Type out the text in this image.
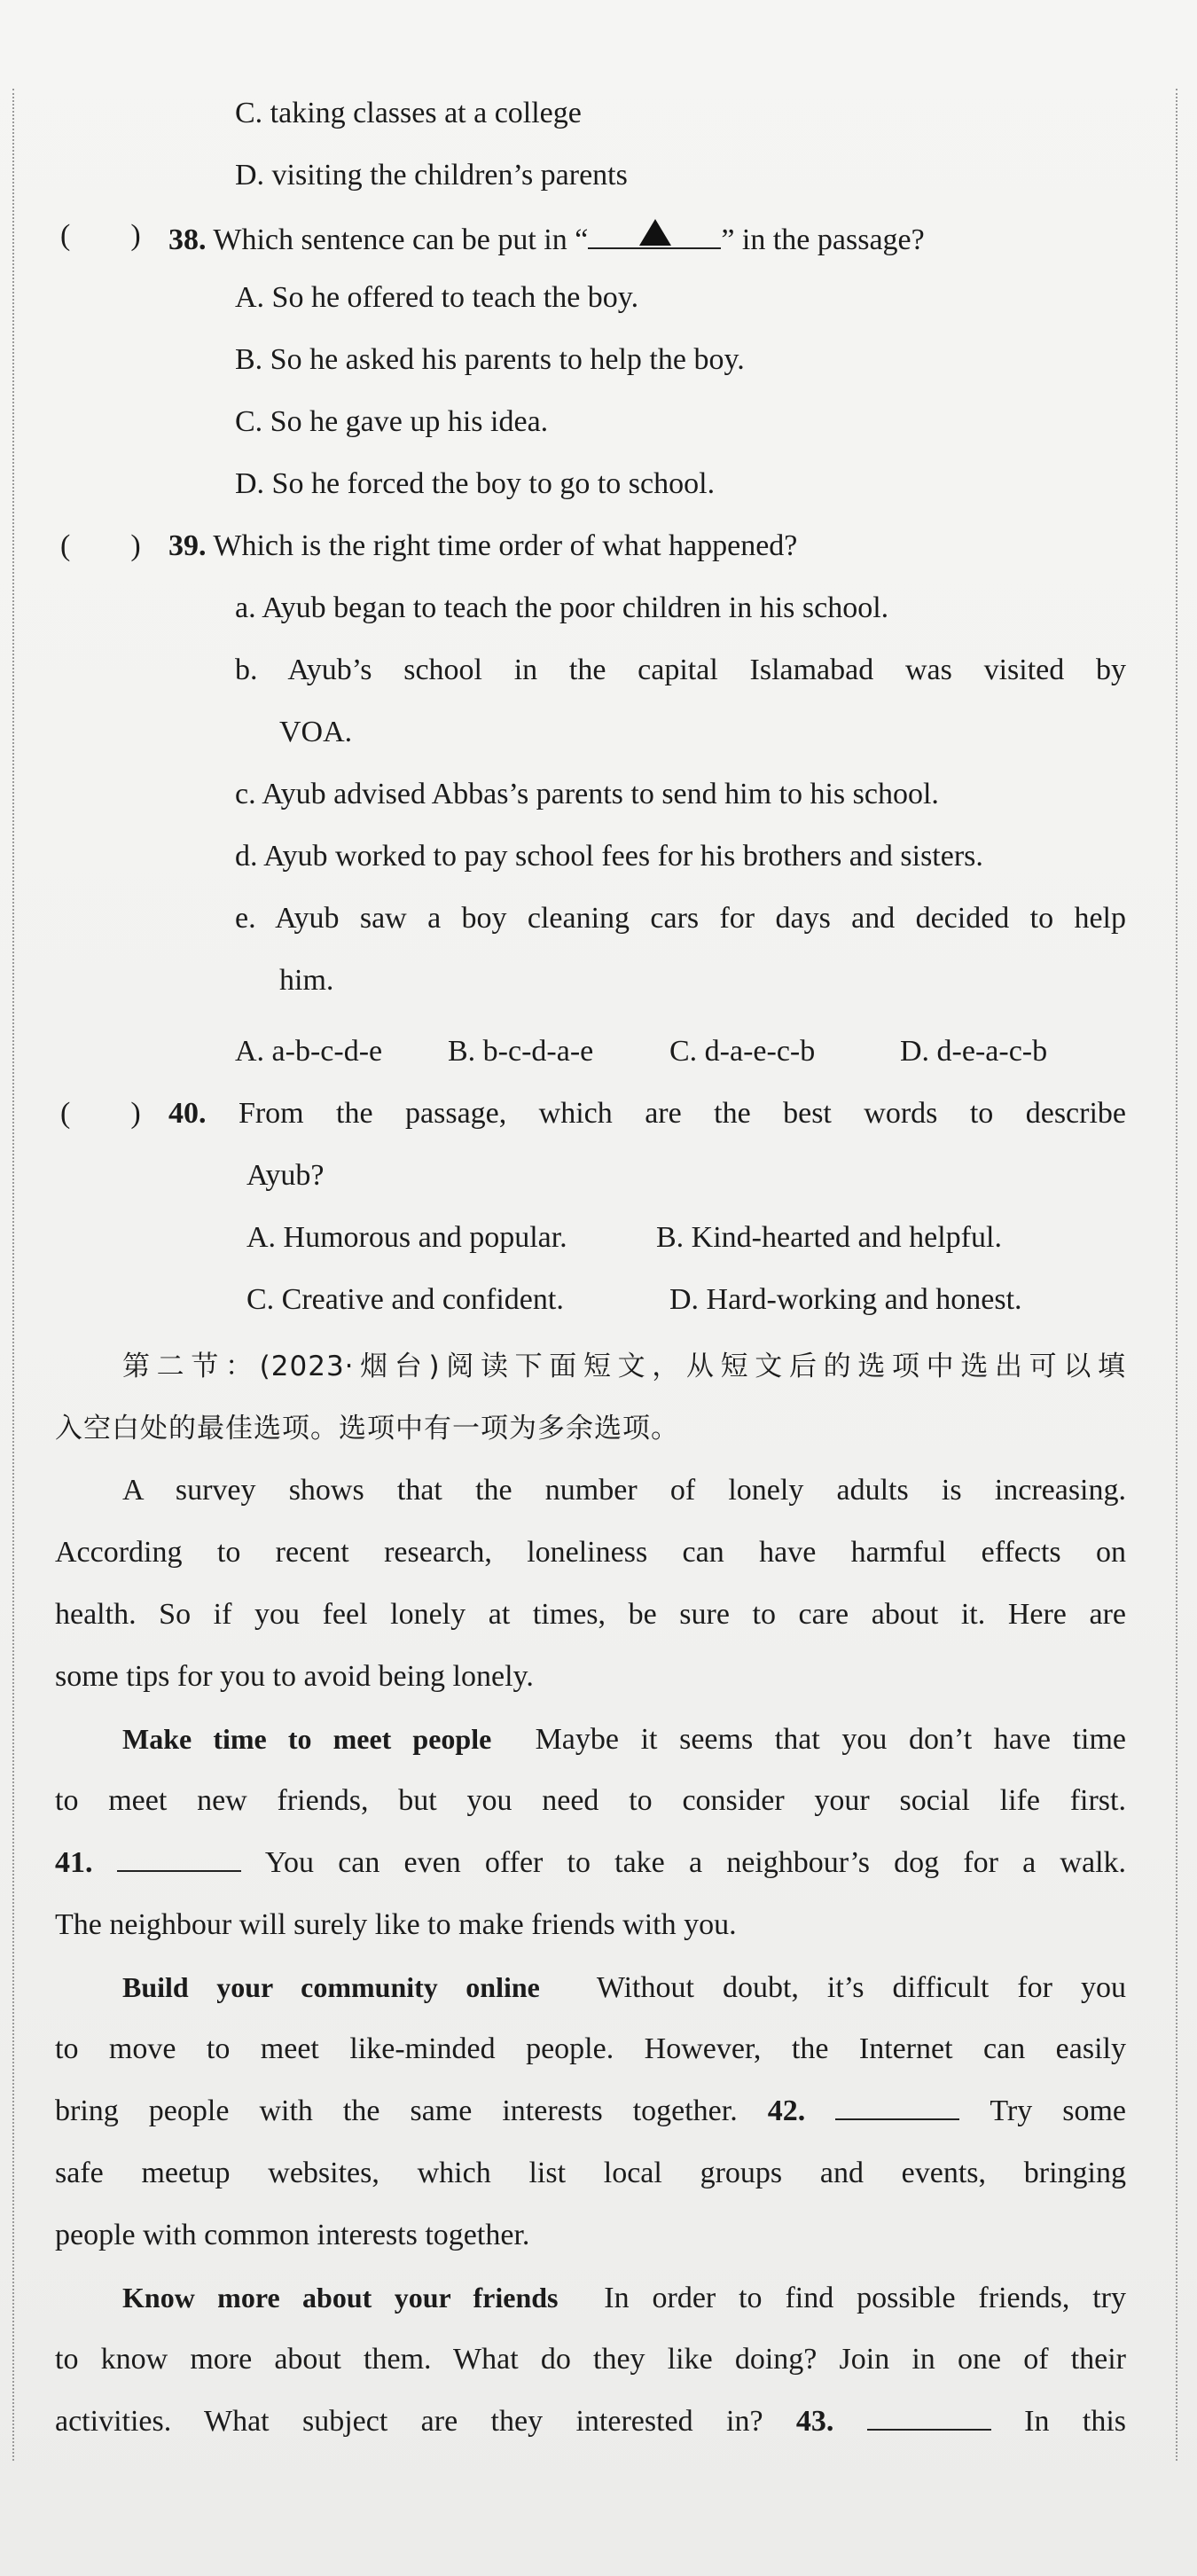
C. taking classes at a college
D. visiting the children’s parents
(        ) 38. Which sentence can be put in “	” in the passage?
A. So he offered to teach the boy.
B. So he asked his parents to help the boy.
C. So he gave up his idea.
D. So he forced the boy to go to school.
(        ) 39. Which is the right time order of what happened?
a. Ayub began to teach the poor children in his school.
b. Ayub’s school in the capital Islamabad was visited by
VOA.
c. Ayub advised Abbas’s parents to send him to his school.
d. Ayub worked to pay school fees for his brothers and sisters.
e. Ayub saw a boy cleaning cars for days and decided to help
him.
A. a-b-c-d-e B. b-c-d-a-e	C. d-a-e-c-b	D. d-e-a-c-b
(        ) 40. From the passage, which are the best words to describe
Ayub?
A. Humorous and popular.	B. Kind-hearted and helpful.
C. Creative and confident.	D. Hard-working and honest.
第二节：(2023·烟台)阅读下面短文，从短文后的选项中选出可以填
入空白处的最佳选项。选项中有一项为多余选项。
A survey shows that the number of lonely adults is increasing.
According to recent research, loneliness can have harmful effects on
health. So if you feel lonely at times, be sure to care about it. Here are
some tips for you to avoid being lonely.
Make time to meet people Maybe it seems that you don’t have time
to meet new friends, but you need to consider your social life first.
41.	You can even offer to take a neighbour’s dog for a walk.
The neighbour will surely like to make friends with you.
Build your community online Without doubt, it’s difficult for you
to move to meet like-minded people. However, the Internet can easily
bring people with the same interests together. 42.	Try some
safe meetup websites, which list local groups and events, bringing
people with common interests together.
Know more about your friends In order to find possible friends, try
to know more about them. What do they like doing? Join in one of their
activities. What subject are they interested in? 43.	In this
